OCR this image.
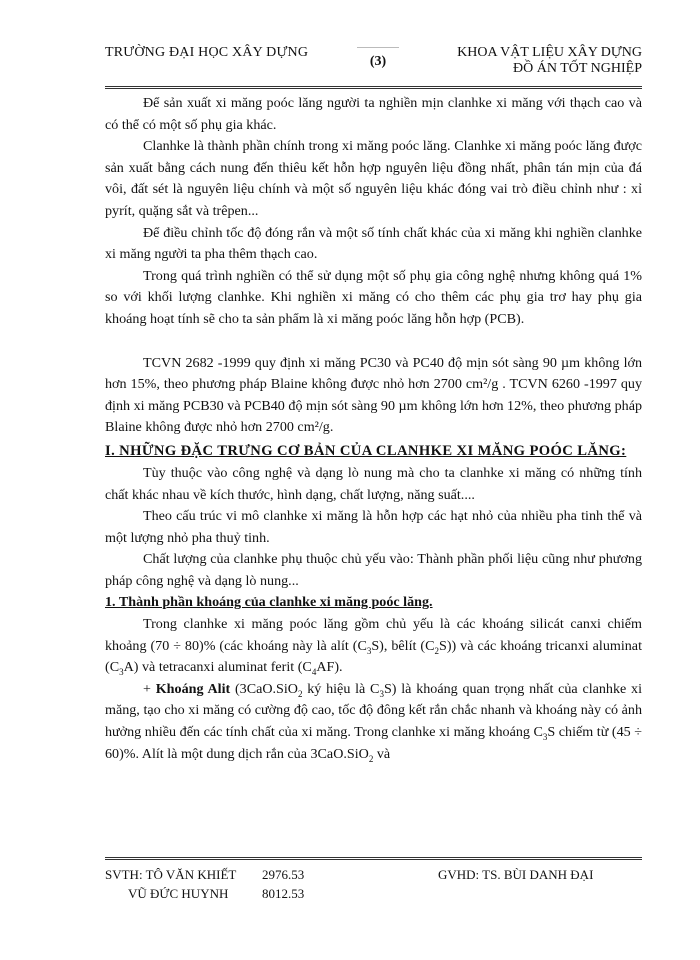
TRƯỜNG ĐẠI HỌC XÂY DỰNG
(3)
KHOA VẬT LIỆU XÂY DỰNG
ĐỒ ÁN TỐT NGHIỆP

Để sản xuất xi măng poóc lăng người ta nghiền mịn clanhke xi măng với thạch cao và có thể có một số phụ gia khác.

Clanhke là thành phần chính trong xi măng poóc lăng. Clanhke xi măng poóc lăng được sản xuất bằng cách nung đến thiêu kết hỗn hợp nguyên liệu đồng nhất, phân tán mịn của đá vôi, đất sét là nguyên liệu chính và một số nguyên liệu khác đóng vai trò điều chỉnh như : xỉ pyrít, quặng sắt và trêpen...

Để điều chỉnh tốc độ đóng rắn và một số tính chất khác của xi măng khi nghiền clanhke xi măng người ta pha thêm thạch cao.

Trong quá trình nghiền có thể sử dụng một số phụ gia công nghệ nhưng không quá 1% so với khối lượng clanhke. Khi nghiền xi măng có cho thêm các phụ gia trơ hay phụ gia khoáng hoạt tính sẽ cho ta sản phẩm là xi măng poóc lăng hỗn hợp (PCB).

TCVN 2682 -1999 quy định xi măng PC30 và PC40 độ mịn sót sàng 90 µm không lớn hơn 15%, theo phương pháp Blaine không được nhỏ hơn 2700 cm²/g . TCVN 6260 -1997 quy định xi măng PCB30 và PCB40 độ mịn sót sàng 90 µm không lớn hơn 12%, theo phương pháp Blaine không được nhỏ hơn 2700 cm²/g.

I. NHỮNG ĐẶC TRƯNG CƠ BẢN CỦA CLANHKE XI MĂNG POÓC LĂNG:

Tùy thuộc vào công nghệ và dạng lò nung mà cho ta clanhke xi măng có những tính chất khác nhau về kích thước, hình dạng, chất lượng, năng suất....

Theo cấu trúc vi mô clanhke xi măng là hỗn hợp các hạt nhỏ của nhiều pha tinh thể và một lượng nhỏ pha thuỷ tinh.

Chất lượng của clanhke phụ thuộc chủ yếu vào: Thành phần phối liệu cũng như phương pháp công nghệ và dạng lò nung...

1. Thành phần khoáng của clanhke xi măng poóc lăng.

Trong clanhke xi măng poóc lăng gồm chủ yếu là các khoáng silicát canxi chiếm khoảng (70 ÷ 80)% (các khoáng này là alít $(C_3S)$, bêlít $(C_2S)$) và các khoáng tricanxi aluminat $(C_3A)$ và tetracanxi aluminat ferit $(C_4AF)$.

+ Khoáng Alit (3CaO.SiO$_2$ ký hiệu là $C_3S$) là khoáng quan trọng nhất của clanhke xi măng, tạo cho xi măng có cường độ cao, tốc độ đông kết rắn chắc nhanh và khoáng này có ảnh hưởng nhiều đến các tính chất của xi măng. Trong clanhke xi măng khoáng $C_3S$ chiếm từ (45 ÷ 60)%. Alít là một dung dịch rắn của 3CaO.SiO$_2$ và

SVTH: TÔ VĂN KHIẾT 2976.53
VŨ ĐỨC HUYNH	8012.53
GVHD: TS. BÙI DANH ĐẠI
